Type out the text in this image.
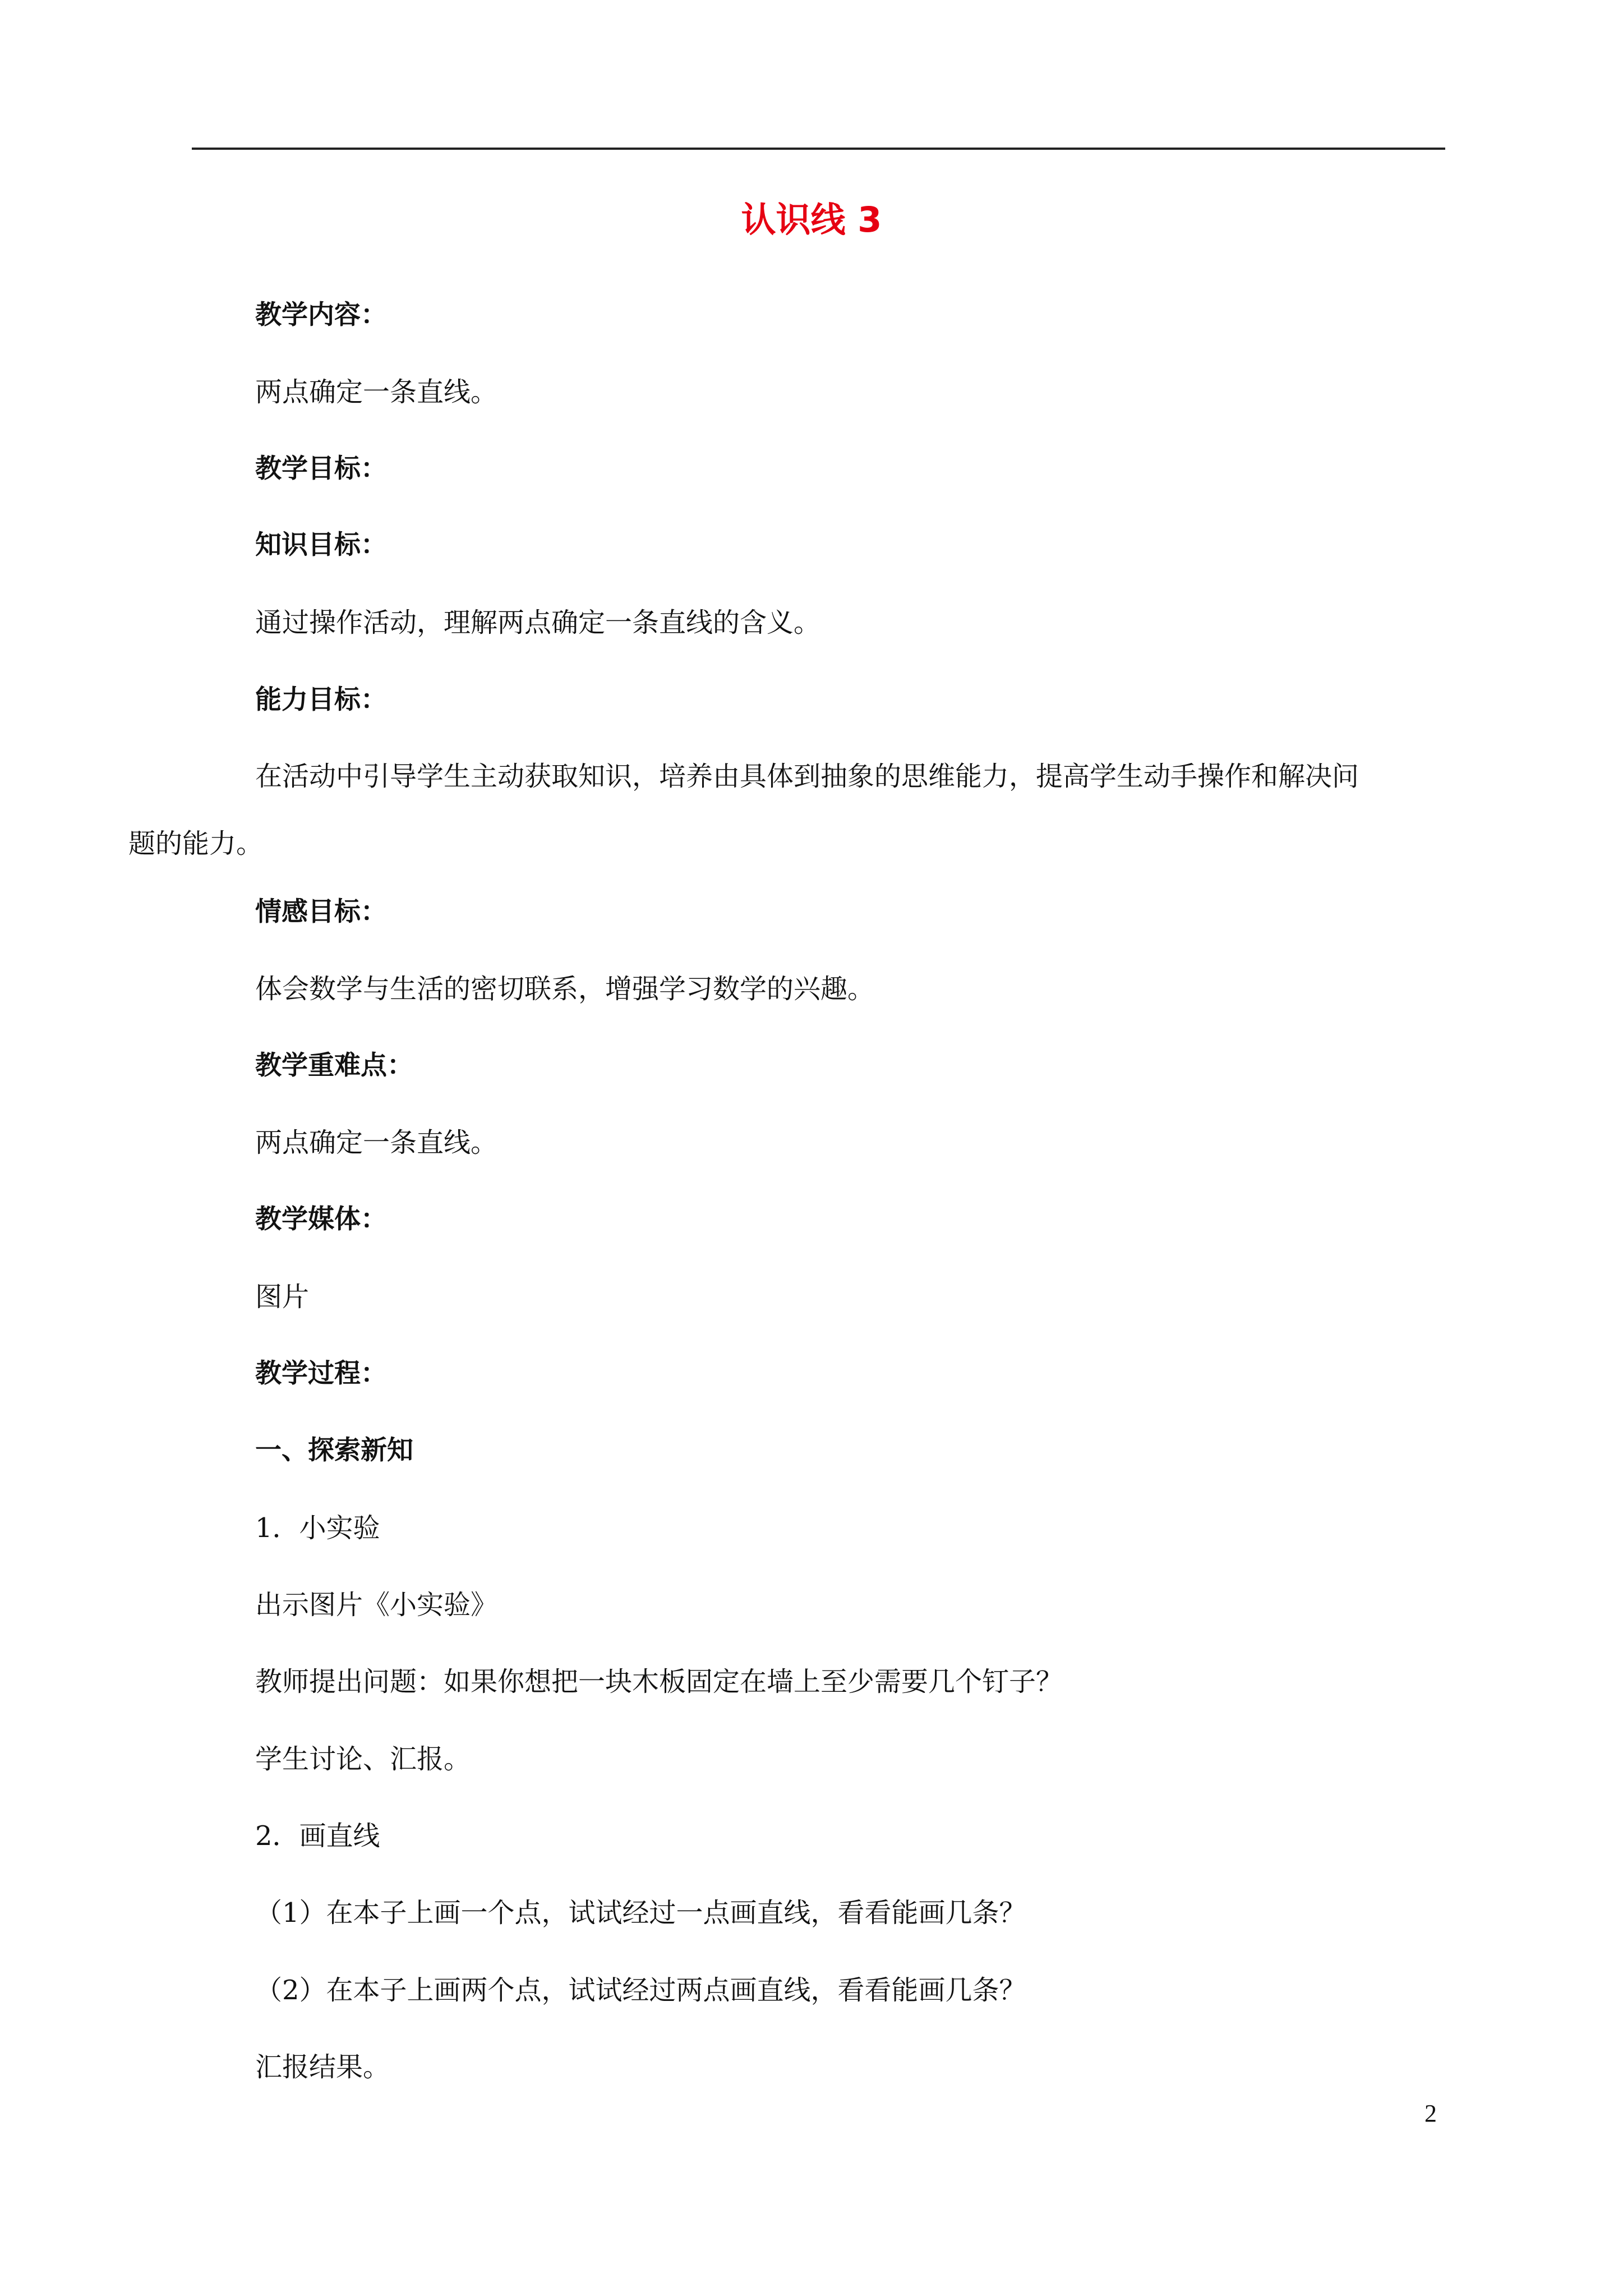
认识线 3

教学内容：

两点确定一条直线。

教学目标：

知识目标：

通过操作活动，理解两点确定一条直线的含义。

能力目标：

在活动中引导学生主动获取知识，培养由具体到抽象的思维能力，提高学生动手操作和解决问
题的能力。

情感目标：

体会数学与生活的密切联系，增强学习数学的兴趣。

教学重难点：

两点确定一条直线。

教学媒体：

图片

教学过程：

一、探索新知

1．小实验

出示图片《小实验》

教师提出问题：如果你想把一块木板固定在墙上至少需要几个钉子？

学生讨论、汇报。

2．画直线

（1）在本子上画一个点，试试经过一点画直线，看看能画几条？

（2）在本子上画两个点，试试经过两点画直线，看看能画几条？

汇报结果。

2
